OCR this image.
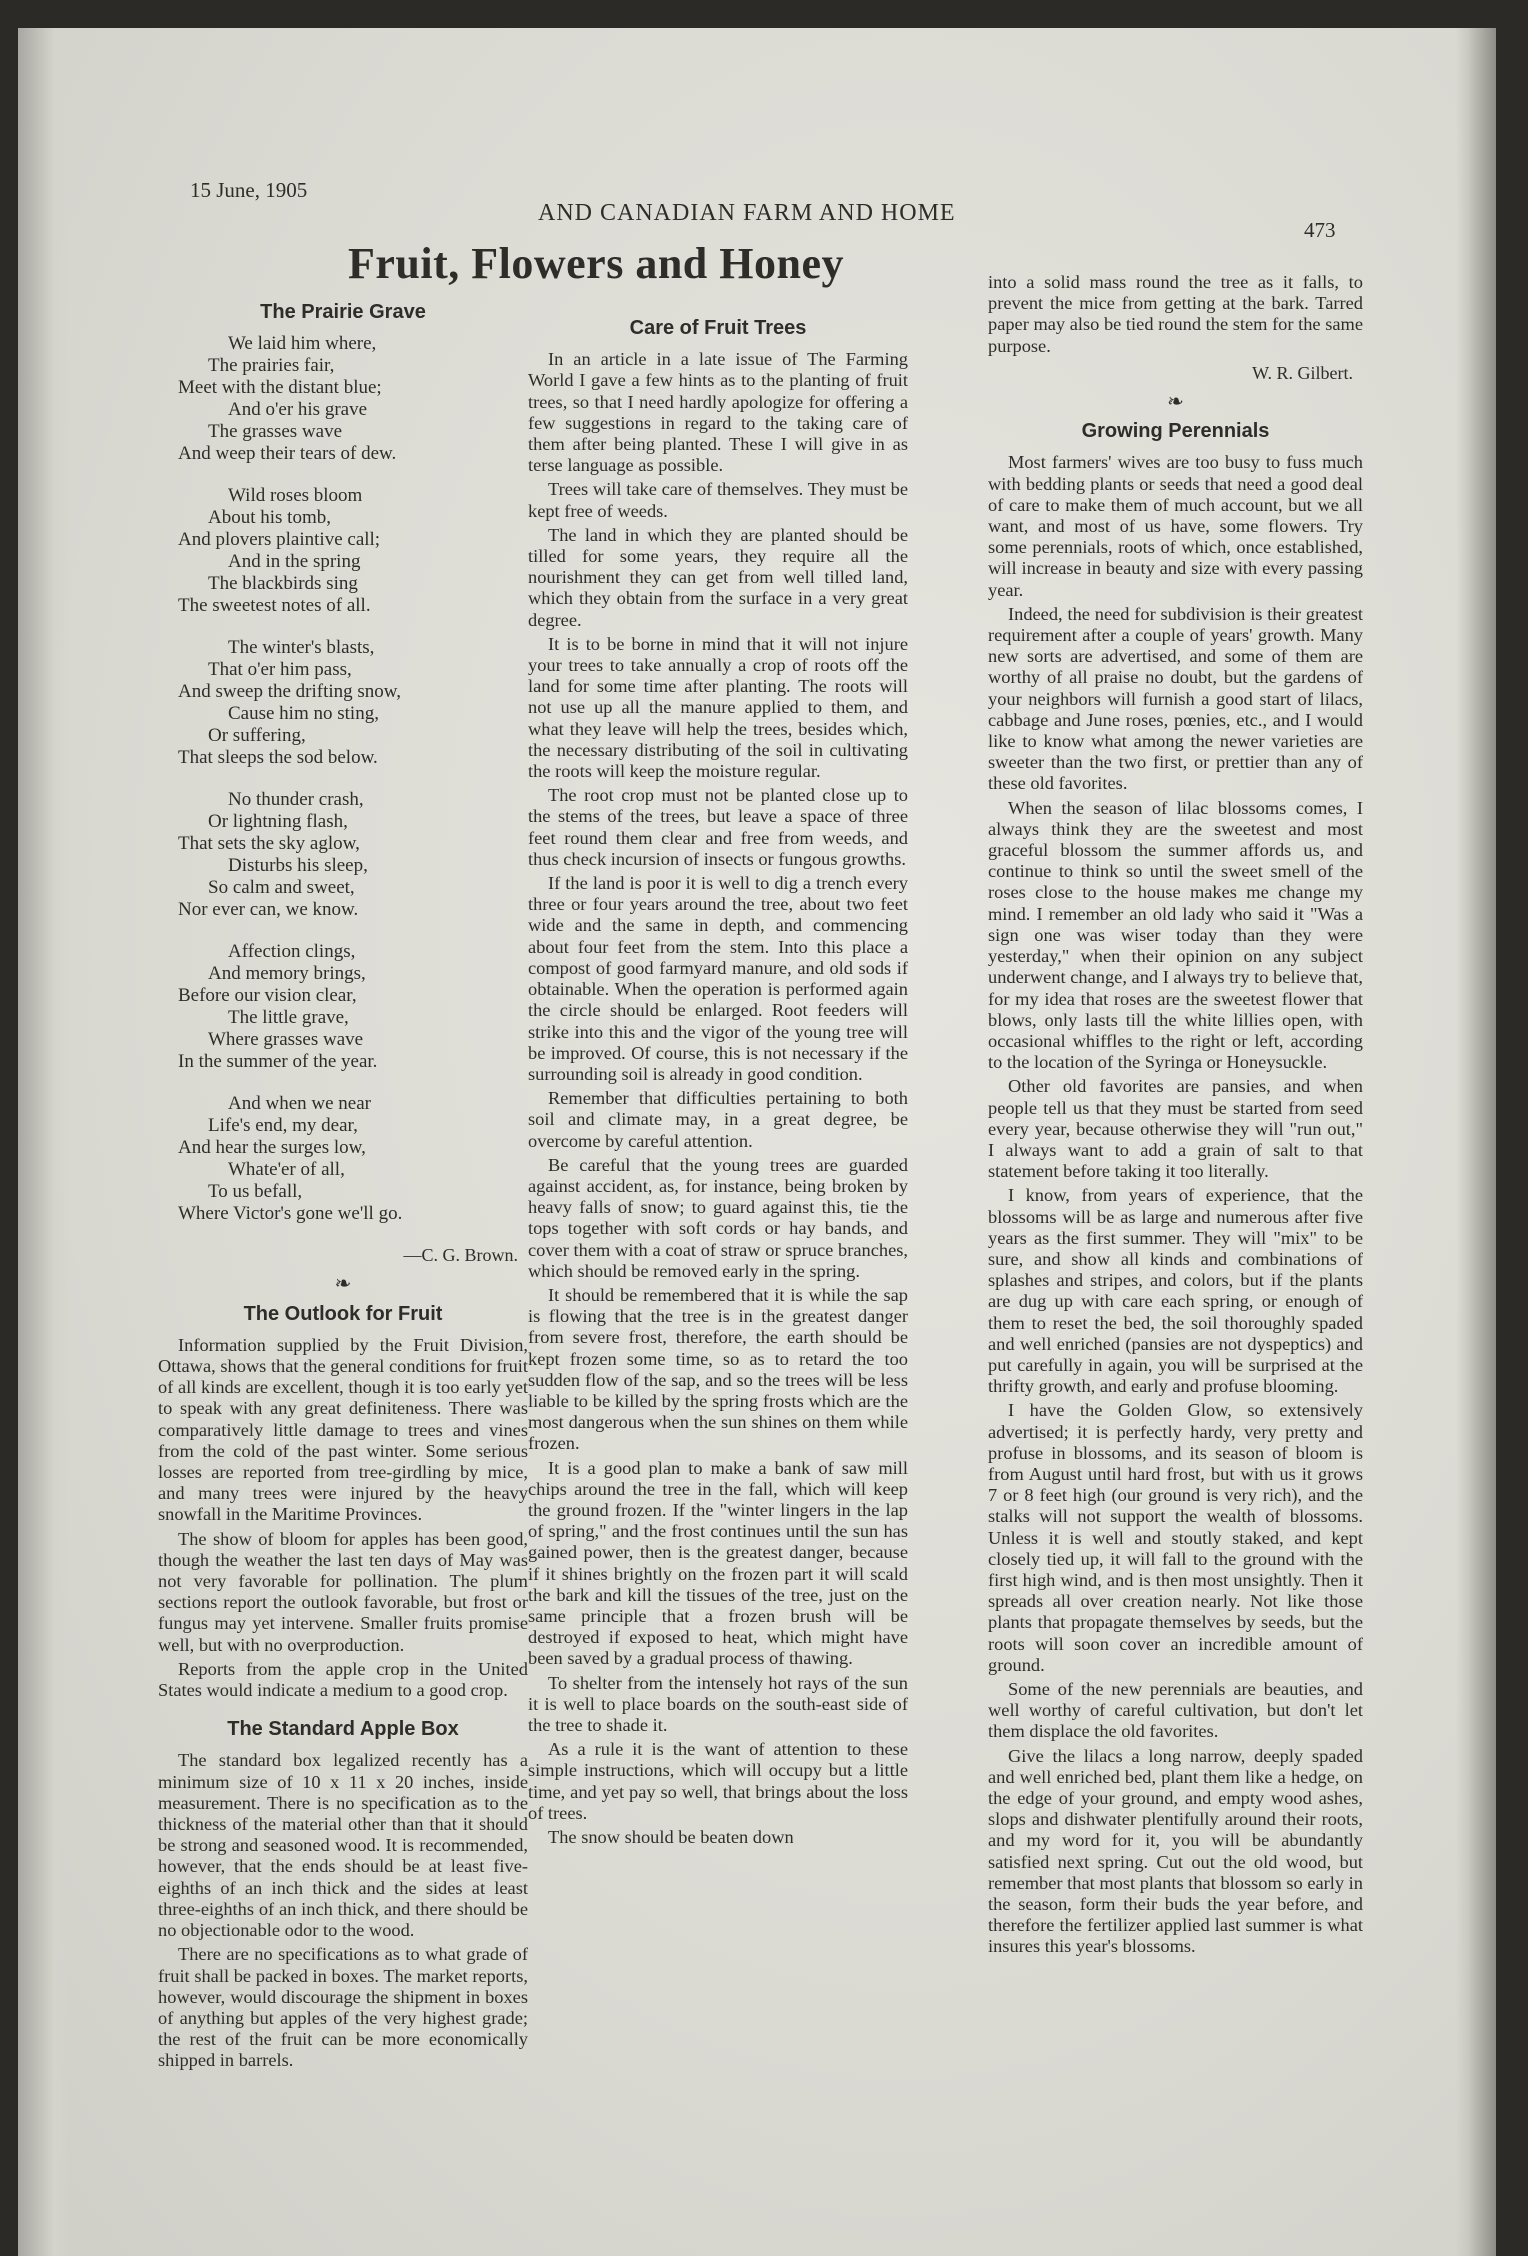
15 June, 1905
AND CANADIAN FARM AND HOME
473
Fruit, Flowers and Honey
The Prairie Grave
We laid him where,
The prairies fair,
Meet with the distant blue;
And o'er his grave
The grasses wave
And weep their tears of dew.
Wild roses bloom
About his tomb,
And plovers plaintive call;
And in the spring
The blackbirds sing
The sweetest notes of all.
The winter's blasts,
That o'er him pass,
And sweep the drifting snow,
Cause him no sting,
Or suffering,
That sleeps the sod below.
No thunder crash,
Or lightning flash,
That sets the sky aglow,
Disturbs his sleep,
So calm and sweet,
Nor ever can, we know.
Affection clings,
And memory brings,
Before our vision clear,
The little grave,
Where grasses wave
In the summer of the year.
And when we near
Life's end, my dear,
And hear the surges low,
Whate'er of all,
To us befall,
Where Victor's gone we'll go.
—C. G. Brown.
❧
The Outlook for Fruit

Information supplied by the Fruit Division, Ottawa, shows that the general conditions for fruit of all kinds are excellent, though it is too early yet to speak with any great definiteness. There was comparatively little damage to trees and vines from the cold of the past winter. Some serious losses are reported from tree-girdling by mice, and many trees were injured by the heavy snowfall in the Maritime Provinces.

The show of bloom for apples has been good, though the weather the last ten days of May was not very favorable for pollination. The plum sections report the outlook favorable, but frost or fungus may yet intervene. Smaller fruits promise well, but with no overproduction.

Reports from the apple crop in the United States would indicate a medium to a good crop.

The Standard Apple Box

The standard box legalized recently has a minimum size of 10 x 11 x 20 inches, inside measurement. There is no specification as to the thickness of the material other than that it should be strong and seasoned wood. It is recommended, however, that the ends should be at least five-eighths of an inch thick and the sides at least three-eighths of an inch thick, and there should be no objectionable odor to the wood.

There are no specifications as to what grade of fruit shall be packed in boxes. The market reports, however, would discourage the shipment in boxes of anything but apples of the very highest grade; the rest of the fruit can be more economically shipped in barrels.

Care of Fruit Trees

In an article in a late issue of The Farming World I gave a few hints as to the planting of fruit trees, so that I need hardly apologize for offering a few suggestions in regard to the taking care of them after being planted. These I will give in as terse language as possible.

Trees will take care of themselves. They must be kept free of weeds.

The land in which they are planted should be tilled for some years, they require all the nourishment they can get from well tilled land, which they obtain from the surface in a very great degree.

It is to be borne in mind that it will not injure your trees to take annually a crop of roots off the land for some time after planting. The roots will not use up all the manure applied to them, and what they leave will help the trees, besides which, the necessary distributing of the soil in cultivating the roots will keep the moisture regular.

The root crop must not be planted close up to the stems of the trees, but leave a space of three feet round them clear and free from weeds, and thus check incursion of insects or fungous growths.

If the land is poor it is well to dig a trench every three or four years around the tree, about two feet wide and the same in depth, and commencing about four feet from the stem. Into this place a compost of good farmyard manure, and old sods if obtainable. When the operation is performed again the circle should be enlarged. Root feeders will strike into this and the vigor of the young tree will be improved. Of course, this is not necessary if the surrounding soil is already in good condition.

Remember that difficulties pertaining to both soil and climate may, in a great degree, be overcome by careful attention.

Be careful that the young trees are guarded against accident, as, for instance, being broken by heavy falls of snow; to guard against this, tie the tops together with soft cords or hay bands, and cover them with a coat of straw or spruce branches, which should be removed early in the spring.

It should be remembered that it is while the sap is flowing that the tree is in the greatest danger from severe frost, therefore, the earth should be kept frozen some time, so as to retard the too sudden flow of the sap, and so the trees will be less liable to be killed by the spring frosts which are the most dangerous when the sun shines on them while frozen.

It is a good plan to make a bank of saw mill chips around the tree in the fall, which will keep the ground frozen. If the "winter lingers in the lap of spring," and the frost continues until the sun has gained power, then is the greatest danger, because if it shines brightly on the frozen part it will scald the bark and kill the tissues of the tree, just on the same principle that a frozen brush will be destroyed if exposed to heat, which might have been saved by a gradual process of thawing.

To shelter from the intensely hot rays of the sun it is well to place boards on the south-east side of the tree to shade it.

As a rule it is the want of attention to these simple instructions, which will occupy but a little time, and yet pay so well, that brings about the loss of trees.

The snow should be beaten down

into a solid mass round the tree as it falls, to prevent the mice from getting at the bark. Tarred paper may also be tied round the stem for the same purpose.

W. R. Gilbert.
❧
Growing Perennials

Most farmers' wives are too busy to fuss much with bedding plants or seeds that need a good deal of care to make them of much account, but we all want, and most of us have, some flowers. Try some perennials, roots of which, once established, will increase in beauty and size with every passing year.

Indeed, the need for subdivision is their greatest requirement after a couple of years' growth. Many new sorts are advertised, and some of them are worthy of all praise no doubt, but the gardens of your neighbors will furnish a good start of lilacs, cabbage and June roses, pœnies, etc., and I would like to know what among the newer varieties are sweeter than the two first, or prettier than any of these old favorites.

When the season of lilac blossoms comes, I always think they are the sweetest and most graceful blossom the summer affords us, and continue to think so until the sweet smell of the roses close to the house makes me change my mind. I remember an old lady who said it "Was a sign one was wiser today than they were yesterday," when their opinion on any subject underwent change, and I always try to believe that, for my idea that roses are the sweetest flower that blows, only lasts till the white lillies open, with occasional whiffles to the right or left, according to the location of the Syringa or Honeysuckle.

Other old favorites are pansies, and when people tell us that they must be started from seed every year, because otherwise they will "run out," I always want to add a grain of salt to that statement before taking it too literally.

I know, from years of experience, that the blossoms will be as large and numerous after five years as the first summer. They will "mix" to be sure, and show all kinds and combinations of splashes and stripes, and colors, but if the plants are dug up with care each spring, or enough of them to reset the bed, the soil thoroughly spaded and well enriched (pansies are not dyspeptics) and put carefully in again, you will be surprised at the thrifty growth, and early and profuse blooming.

I have the Golden Glow, so extensively advertised; it is perfectly hardy, very pretty and profuse in blossoms, and its season of bloom is from August until hard frost, but with us it grows 7 or 8 feet high (our ground is very rich), and the stalks will not support the wealth of blossoms. Unless it is well and stoutly staked, and kept closely tied up, it will fall to the ground with the first high wind, and is then most unsightly. Then it spreads all over creation nearly. Not like those plants that propagate themselves by seeds, but the roots will soon cover an incredible amount of ground.

Some of the new perennials are beauties, and well worthy of careful cultivation, but don't let them displace the old favorites.

Give the lilacs a long narrow, deeply spaded and well enriched bed, plant them like a hedge, on the edge of your ground, and empty wood ashes, slops and dishwater plentifully around their roots, and my word for it, you will be abundantly satisfied next spring. Cut out the old wood, but remember that most plants that blossom so early in the season, form their buds the year before, and therefore the fertilizer applied last summer is what insures this year's blossoms.
